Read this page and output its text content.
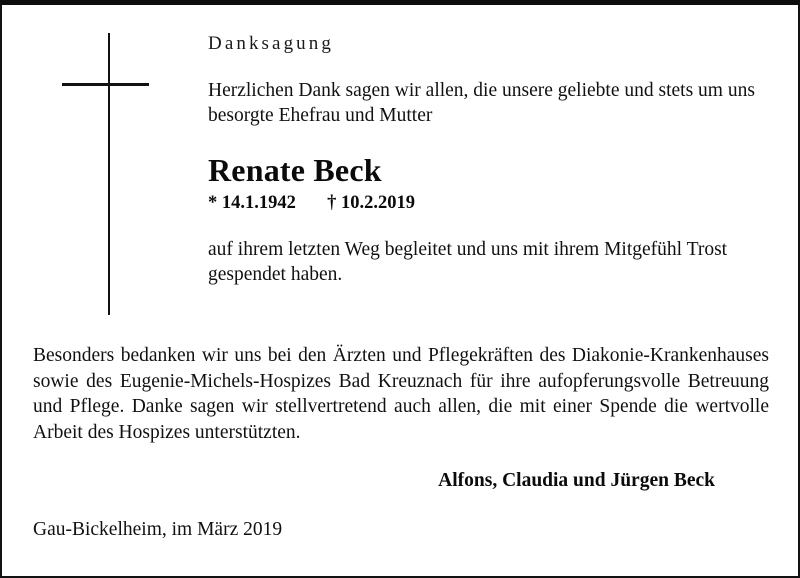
Danksagung
Herzlichen Dank sagen wir allen, die unsere geliebte und stets um uns besorgte Ehefrau und Mutter
Renate Beck
* 14.1.1942 † 10.2.2019
auf ihrem letzten Weg begleitet und uns mit ihrem Mitgefühl Trost gespendet haben.
Besonders bedanken wir uns bei den Ärzten und Pflegekräften des Diakonie-Krankenhauses sowie des Eugenie-Michels-Hospizes Bad Kreuznach für ihre aufopferungsvolle Betreuung und Pflege. Danke sagen wir stellvertretend auch allen, die mit einer Spende die wertvolle Arbeit des Hospizes unterstützten.
Alfons, Claudia und Jürgen Beck
Gau-Bickelheim, im März 2019
